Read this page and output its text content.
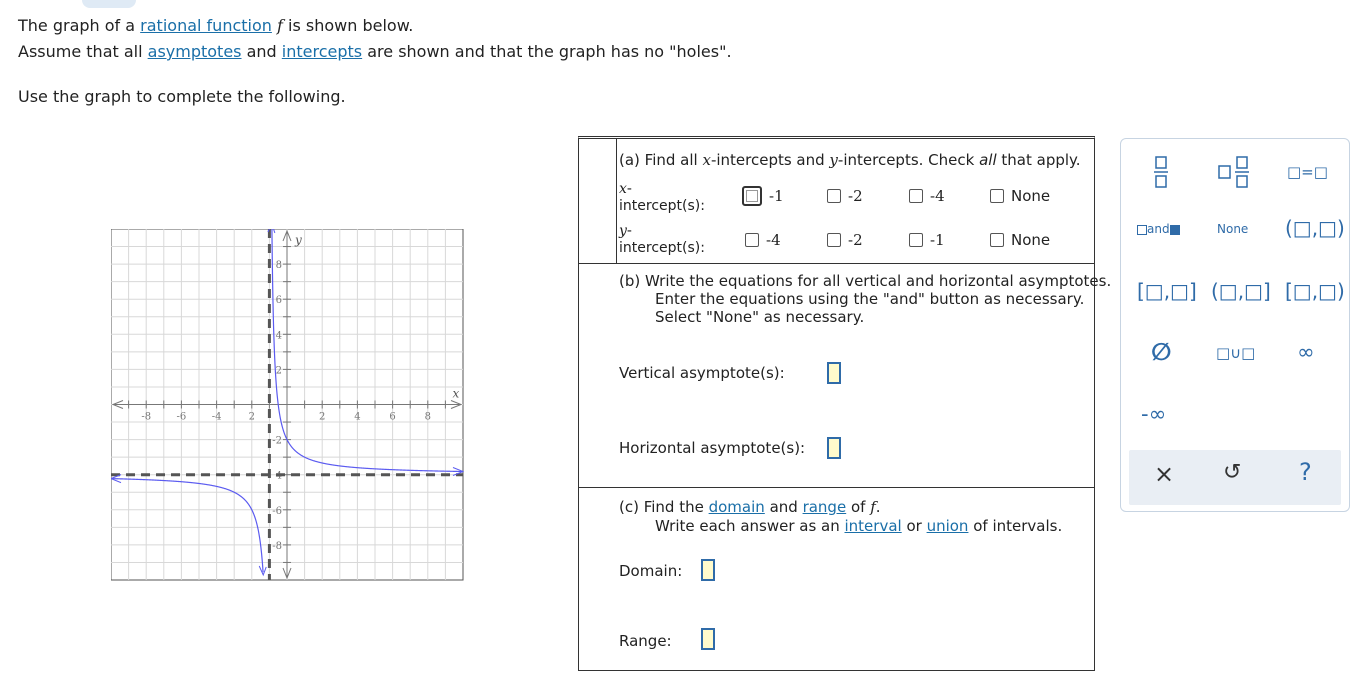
The graph of a rational function f is shown below.
Assume that all asymptotes and intercepts are shown and that the graph has no "holes".
Use the graph to complete the following.
-8	-6	-4	2	4	6	8
2
8
6
4
2
-2
-6
-8
4
x
y
(a) Find all x-intercepts and y-intercepts. Check all that apply.
x-
intercept(s):
-1	-2	-4	None
y-
intercept(s):	-4	-2	-1	None
(b) Write the equations for all vertical and horizontal asymptotes.
Enter the equations using the "and" button as necessary.
Select "None" as necessary.
Vertical asymptote(s):
Horizontal asymptote(s):
(c) Find the domain and range of f.
Write each answer as an interval or union of intervals.
Domain:
Range:
□=□
and	None (□,□)
[□,□] (□,□] [□,□)
∅	□∪□ ∞
-∞
× ↺ ?
